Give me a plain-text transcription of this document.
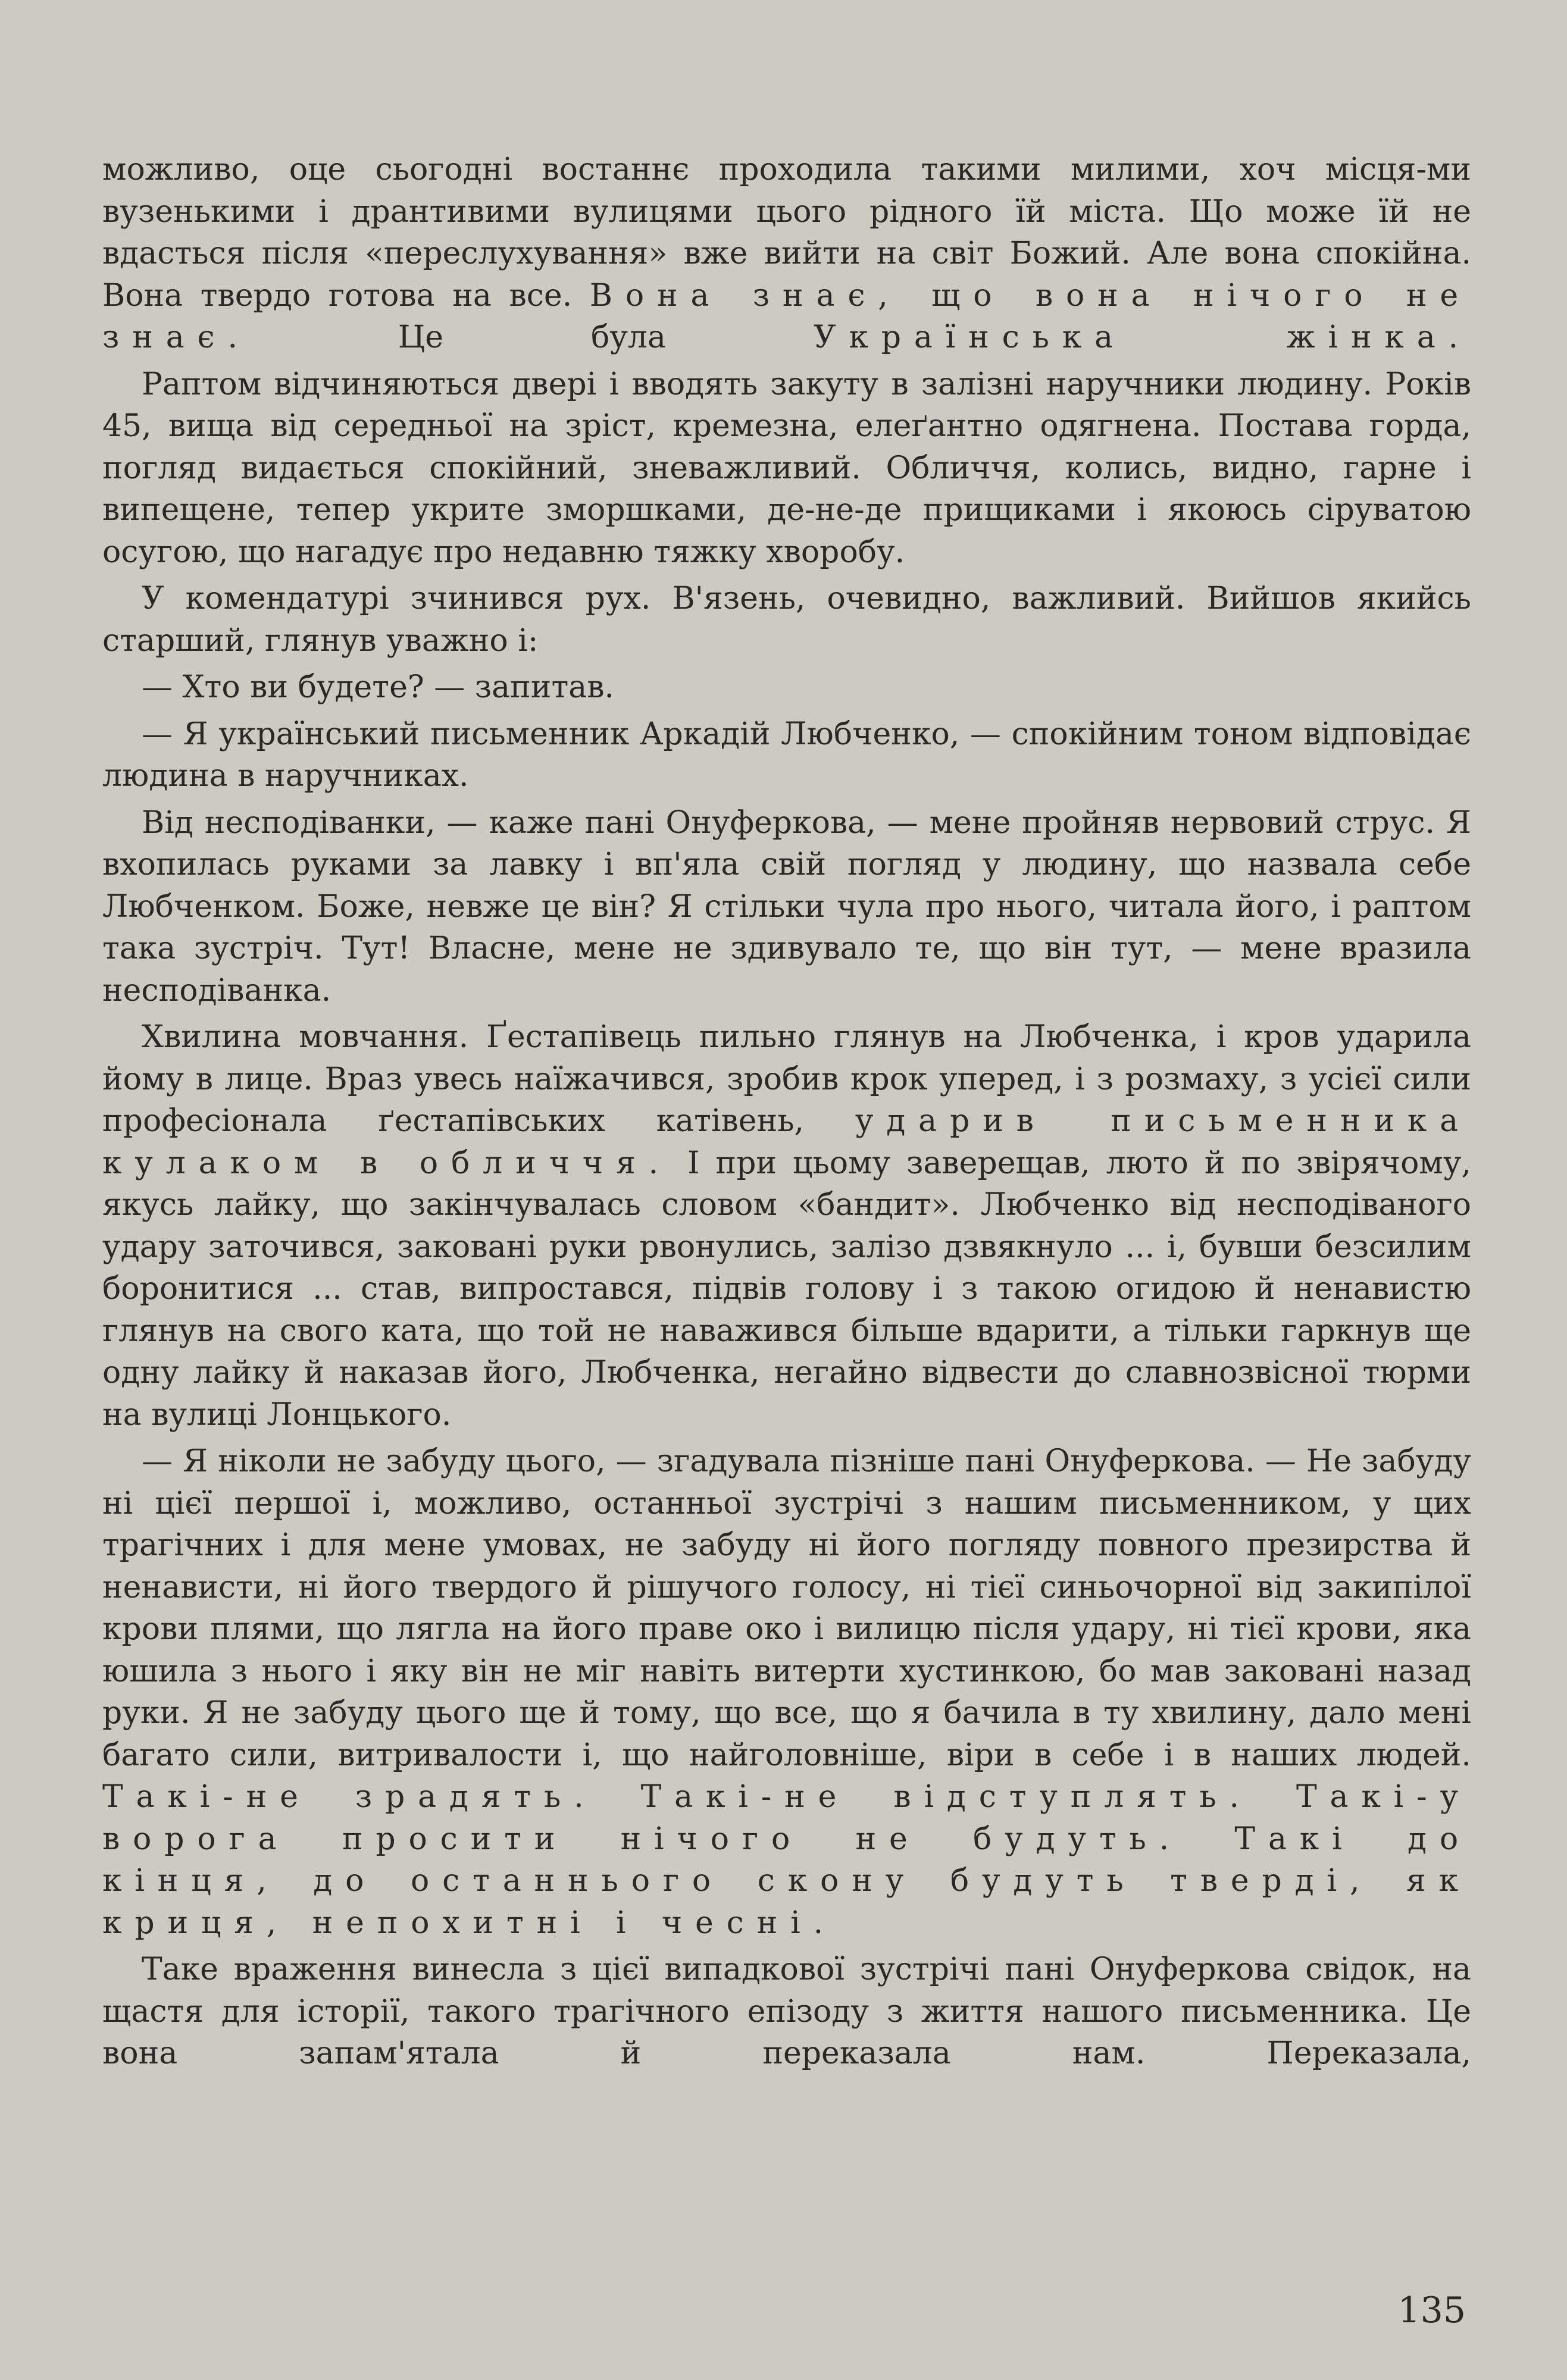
можливо, оце сьогодні востаннє проходила такими милими, хоч місця-ми вузенькими і дрантивими вулицями цього рідного їй міста. Що може їй не вдасться після «переслухування» вже вийти на світ Божий. Але вона спокійна. Вона твердо готова на все. Вона знає, що вона нічого не знає. Це була Українська жінка.

Раптом відчиняються двері і вводять закуту в залізні наручники людину. Років 45, вища від середньої на зріст, кремезна, елеґантно одягнена. Постава горда, погляд видається спокійний, зневажливий. Обличчя, колись, видно, гарне і випещене, тепер укрите зморшками, де-не-де прищиками і якоюсь сіруватою осугою, що нагадує про недавню тяжку хворобу.

У комендатурі зчинився рух. В'язень, очевидно, важливий. Вийшов якийсь старший, глянув уважно і:

— Хто ви будете? — запитав.

— Я український письменник Аркадій Любченко, — спокійним тоном відповідає людина в наручниках.

Від несподіванки, — каже пані Онуферкова, — мене пройняв нервовий струс. Я вхопилась руками за лавку і вп'яла свій погляд у людину, що назвала себе Любченком. Боже, невже це він? Я стільки чула про нього, читала його, і раптом така зустріч. Тут! Власне, мене не здивувало те, що він тут, — мене вразила несподіванка.

Хвилина мовчання. Ґестапівець пильно глянув на Любченка, і кров ударила йому в лице. Враз увесь наїжачився, зробив крок уперед, і з розмаху, з усієї сили професіонала ґестапівських катівень, ударив письменника кулаком в обличчя. І при цьому заверещав, люто й по звірячому, якусь лайку, що закінчувалась словом «бандит». Любченко від несподіваного удару заточився, заковані руки рвонулись, залізо дзвякнуло ... і, бувши безсилим боронитися ... став, випростався, підвів голову і з такою огидою й ненавистю глянув на свого ката, що той не наважився більше вдарити, а тільки гаркнув ще одну лайку й наказав його, Любченка, негайно відвести до славнозвісної тюрми на вулиці Лонцького.

— Я ніколи не забуду цього, — згадувала пізніше пані Онуферкова. — Не забуду ні цієї першої і, можливо, останньої зустрічі з нашим письменником, у цих трагічних і для мене умовах, не забуду ні його погляду повного презирства й ненависти, ні його твердого й рішучого голосу, ні тієї синьочорної від закипілої крови плями, що лягла на його праве око і вилицю після удару, ні тієї крови, яка юшила з нього і яку він не міг навіть витерти хустинкою, бо мав заковані назад руки. Я не забуду цього ще й тому, що все, що я бачила в ту хвилину, дало мені багато сили, витривалости і, що найголовніше, віри в себе і в наших людей. Такі-не зрадять. Такі-не відступлять. Такі-у ворога просити нічого не будуть. Такі до кінця, до останнього скону будуть тверді, як криця, непохитні і чесні.

Таке враження винесла з цієї випадкової зустрічі пані Онуферкова свідок, на щастя для історії, такого трагічного епізоду з життя нашого письменника. Це вона запам'ятала й переказала нам. Переказала,

135
